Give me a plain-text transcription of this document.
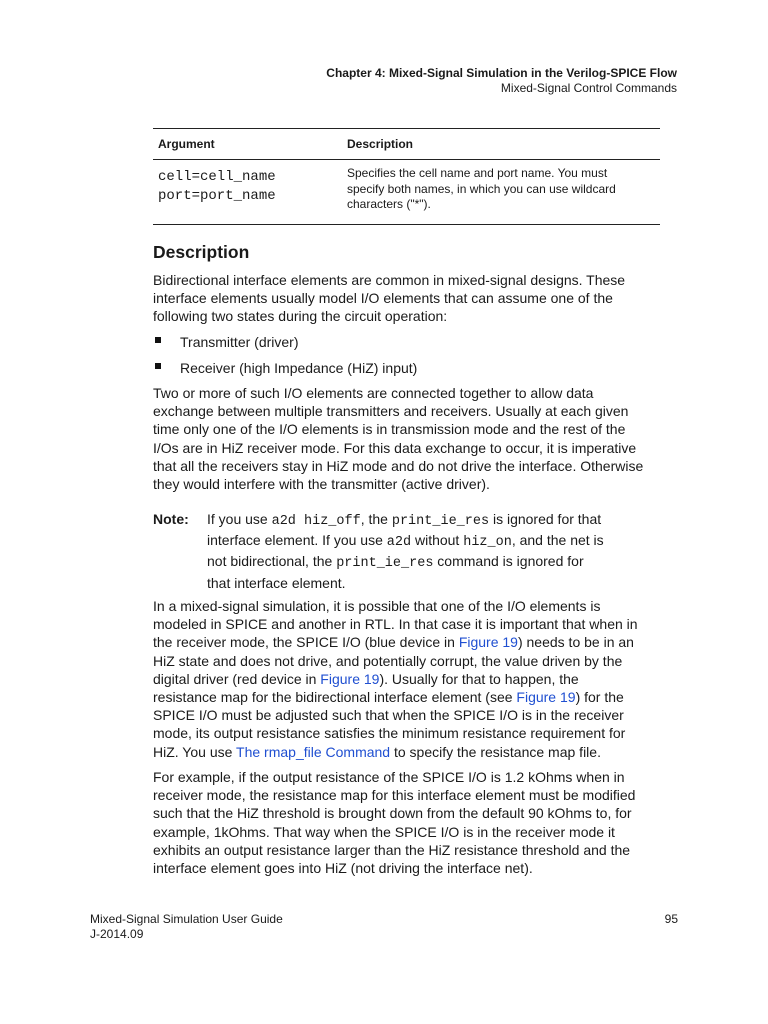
Chapter 4: Mixed-Signal Simulation in the Verilog-SPICE Flow
Mixed-Signal Control Commands
Argument	Description
cell=cell_name
port=port_name
Specifies the cell name and port name. You must
specify both names, in which you can use wildcard
characters ("*").
Description
Bidirectional interface elements are common in mixed-signal designs. These
interface elements usually model I/O elements that can assume one of the
following two states during the circuit operation:
Transmitter (driver)
Receiver (high Impedance (HiZ) input)
Two or more of such I/O elements are connected together to allow data
exchange between multiple transmitters and receivers. Usually at each given
time only one of the I/O elements is in transmission mode and the rest of the
I/Os are in HiZ receiver mode. For this data exchange to occur, it is imperative
that all the receivers stay in HiZ mode and do not drive the interface. Otherwise
they would interfere with the transmitter (active driver).
Note: If you use a2d hiz_off, the print_ie_res is ignored for that
interface element. If you use a2d without hiz_on, and the net is
not bidirectional, the print_ie_res command is ignored for
that interface element.
In a mixed-signal simulation, it is possible that one of the I/O elements is
modeled in SPICE and another in RTL. In that case it is important that when in
the receiver mode, the SPICE I/O (blue device in Figure 19) needs to be in an
HiZ state and does not drive, and potentially corrupt, the value driven by the
digital driver (red device in Figure 19). Usually for that to happen, the
resistance map for the bidirectional interface element (see Figure 19) for the
SPICE I/O must be adjusted such that when the SPICE I/O is in the receiver
mode, its output resistance satisfies the minimum resistance requirement for
HiZ. You use The rmap_file Command to specify the resistance map file.
For example, if the output resistance of the SPICE I/O is 1.2 kOhms when in
receiver mode, the resistance map for this interface element must be modified
such that the HiZ threshold is brought down from the default 90 kOhms to, for
example, 1kOhms. That way when the SPICE I/O is in the receiver mode it
exhibits an output resistance larger than the HiZ resistance threshold and the
interface element goes into HiZ (not driving the interface net).
Mixed-Signal Simulation User Guide
J-2014.09
95
